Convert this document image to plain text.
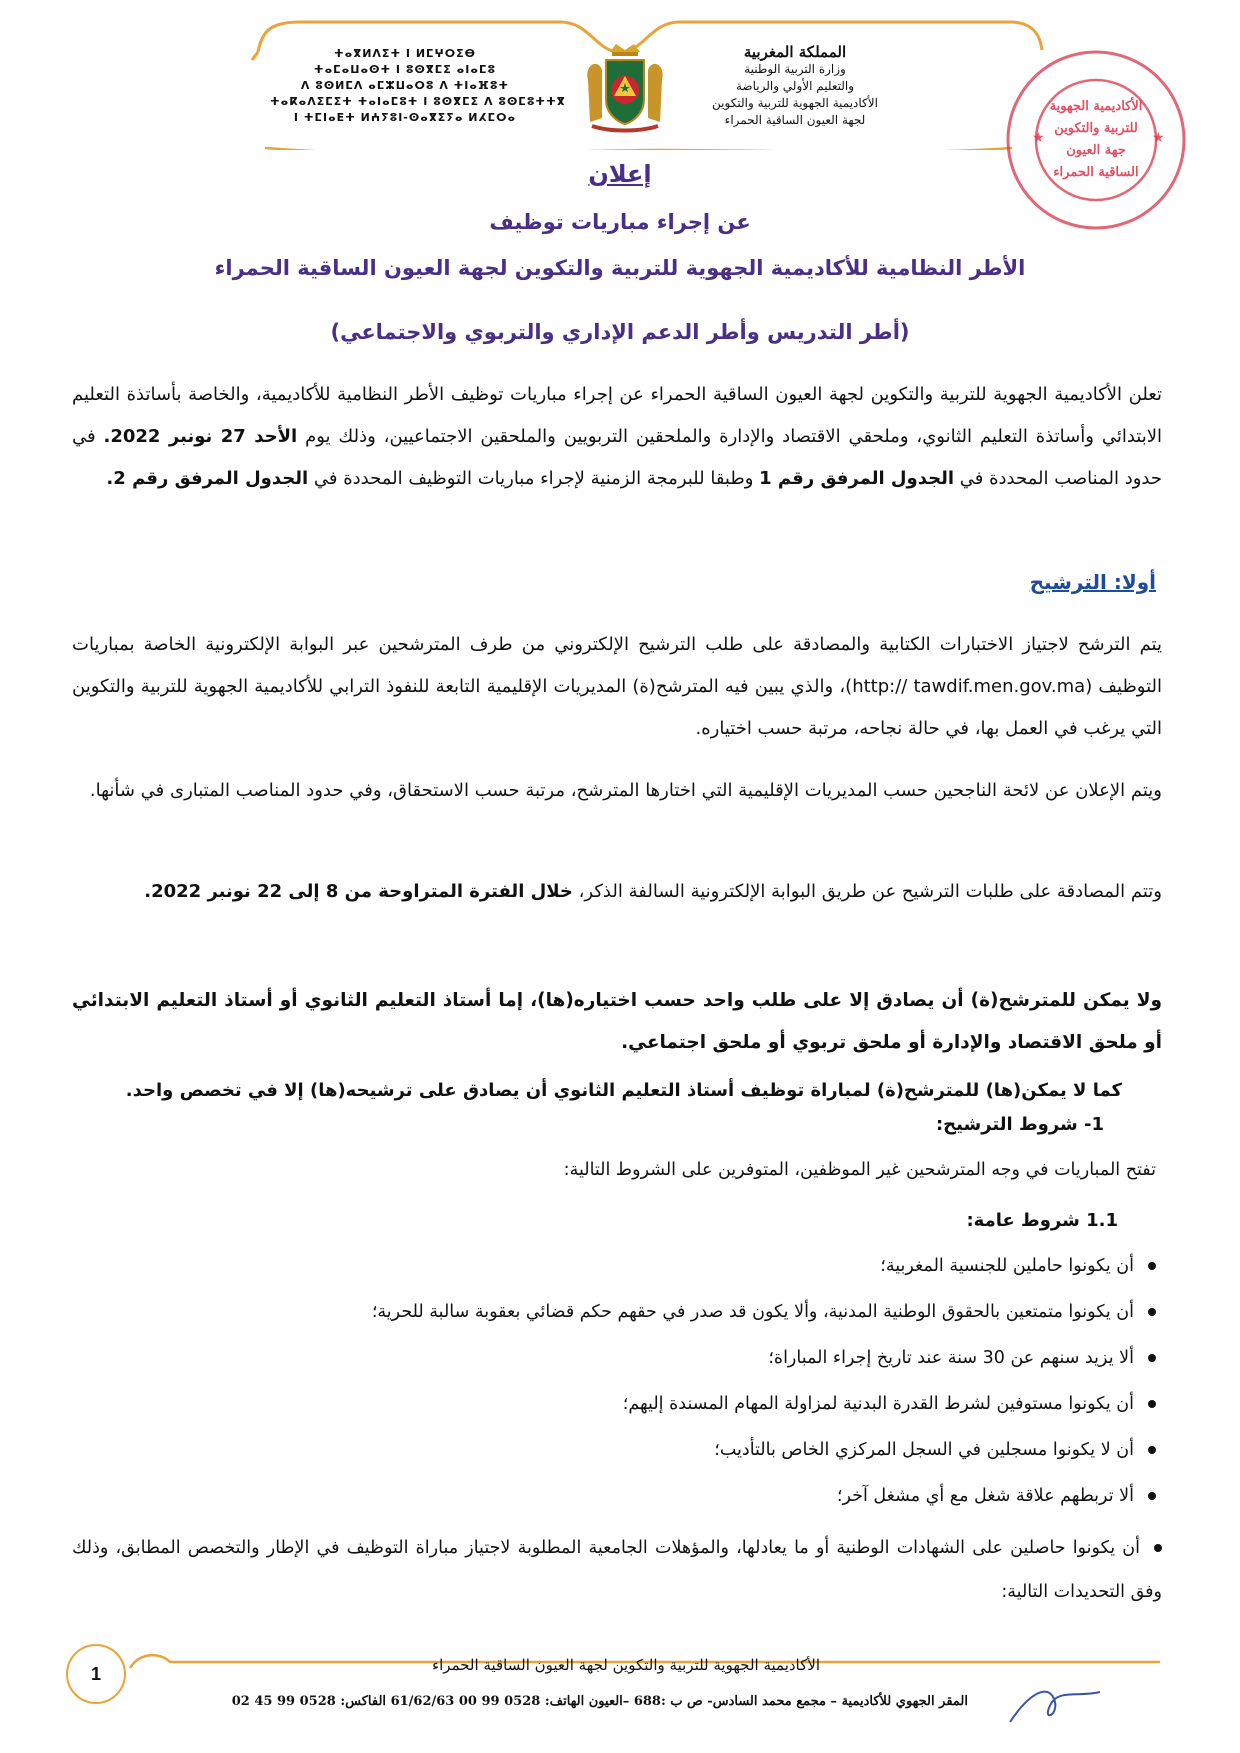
ⵜⴰⴳⵍⴷⵉⵜ ⵏ ⵍⵎⵖⵔⵉⴱ
ⵜⴰⵎⴰⵡⴰⵙⵜ ⵏ ⵓⵙⴳⵎⵉ ⴰⵏⴰⵎⵓ
ⴷ ⵓⵙⵍⵎⴷ ⴰⵎⵣⵡⴰⵔⵓ ⴷ ⵜⵏⴰⴼⵓⵜ
ⵜⴰⴽⴰⴷⵉⵎⵉⵜ ⵜⴰⵏⴰⵎⵓⵜ ⵏ ⵓⵙⴳⵎⵉ ⴷ ⵓⵙⵎⵓⵜⵜⴳ
ⵏ ⵜⵎⵏⴰⴹⵜ ⵍⵄⵢⵓⵏ-ⵙⴰⴳⵉⵢⴰ ⵍⵃⵎⵔⴰ
المملكة المغربية
وزارة التربية الوطنية
والتعليم الأولي والرياضة
الأكاديمية الجهوية للتربية والتكوين
لجهة العيون الساقية الحمراء
★	★
الأكاديمية الجهوية للتربية والتكوين جهة العيون الساقية الحمراء
إعلان
عن إجراء مباريات توظيف
الأطر النظامية للأكاديمية الجهوية للتربية والتكوين لجهة العيون الساقية الحمراء
(أطر التدريس وأطر الدعم الإداري والتربوي والاجتماعي)
تعلن الأكاديمية الجهوية للتربية والتكوين لجهة العيون الساقية الحمراء عن إجراء مباريات توظيف الأطر النظامية للأكاديمية، والخاصة بأساتذة التعليم الابتدائي وأساتذة التعليم الثانوي، وملحقي الاقتصاد والإدارة والملحقين التربويين والملحقين الاجتماعيين، وذلك يوم الأحد 27 نونبر 2022. في حدود المناصب المحددة في الجدول المرفق رقم 1 وطبقا للبرمجة الزمنية لإجراء مباريات التوظيف المحددة في الجدول المرفق رقم 2.
أولا: الترشيح
يتم الترشح لاجتياز الاختبارات الكتابية والمصادقة على طلب الترشيح الإلكتروني من طرف المترشحين عبر البوابة الإلكترونية الخاصة بمباريات التوظيف (http:// tawdif.men.gov.ma)، والذي يبين فيه المترشح(ة) المديريات الإقليمية التابعة للنفوذ الترابي للأكاديمية الجهوية للتربية والتكوين التي يرغب في العمل بها، في حالة نجاحه، مرتبة حسب اختياره.
ويتم الإعلان عن لائحة الناجحين حسب المديريات الإقليمية التي اختارها المترشح، مرتبة حسب الاستحقاق، وفي حدود المناصب المتبارى في شأنها.
وتتم المصادقة على طلبات الترشيح عن طريق البوابة الإلكترونية السالفة الذكر، خلال الفترة المتراوحة من 8 إلى 22 نونبر 2022.
ولا يمكن للمترشح(ة) أن يصادق إلا على طلب واحد حسب اختياره(ها)، إما أستاذ التعليم الثانوي أو أستاذ التعليم الابتدائي أو ملحق الاقتصاد والإدارة أو ملحق تربوي أو ملحق اجتماعي.
كما لا يمكن(ها) للمترشح(ة) لمباراة توظيف أستاذ التعليم الثانوي أن يصادق على ترشيحه(ها) إلا في تخصص واحد.
1- شروط الترشيح:
تفتح المباريات في وجه المترشحين غير الموظفين، المتوفرين على الشروط التالية:
1.1 شروط عامة:
أن يكونوا حاملين للجنسية المغربية؛
أن يكونوا متمتعين بالحقوق الوطنية المدنية، وألا يكون قد صدر في حقهم حكم قضائي بعقوبة سالبة للحرية؛
ألا يزيد سنهم عن 30 سنة عند تاريخ إجراء المباراة؛
أن يكونوا مستوفين لشرط القدرة البدنية لمزاولة المهام المسندة إليهم؛
أن لا يكونوا مسجلين في السجل المركزي الخاص بالتأديب؛
ألا تربطهم علاقة شغل مع أي مشغل آخر؛
أن يكونوا حاصلين على الشهادات الوطنية أو ما يعادلها، والمؤهلات الجامعية المطلوبة لاجتياز مباراة التوظيف في الإطار والتخصص المطابق، وذلك وفق التحديدات التالية:
1	الأكاديمية الجهوية للتربية والتكوين لجهة العيون الساقية الحمراء
المقر الجهوي للأكاديمية – مجمع محمد السادس- ص ب :688 –العيون الهاتف: 0528 99 00 61/62/63 الفاكس: 0528 99 45 02
